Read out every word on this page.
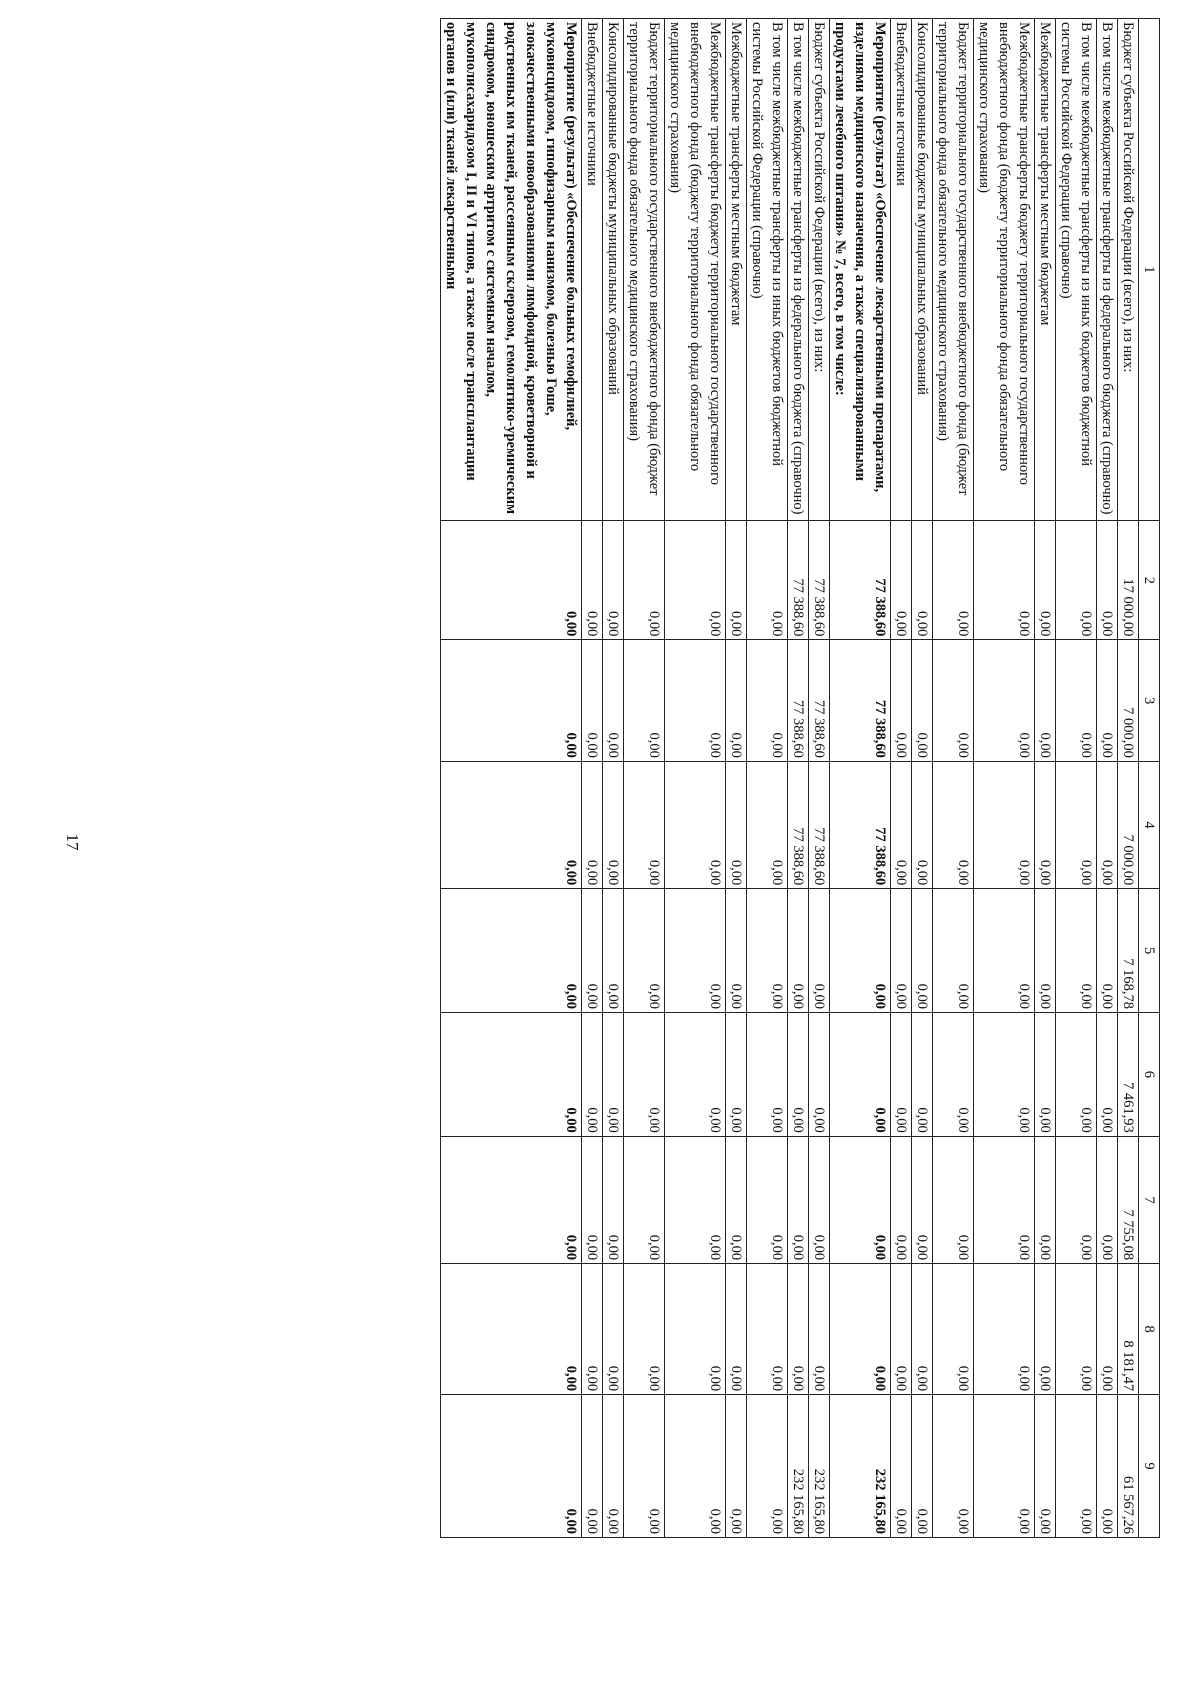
17
1	2	3	4	5	6	7	8	9
Бюджет субъекта Российской Федерации (всего), из них:	17 000,00	7 000,00	7 000,00	7 168,78	7 461,93	7 755,08	8 181,47	61 567,26
В том числе межбюджетные трансферты из федерального бюджета (справочно)	0,00	0,00	0,00	0,00	0,00	0,00	0,00	0,00
В том числе межбюджетные трансферты из иных бюджетов бюджетной системы Российской Федерации (справочно)	0,00	0,00	0,00	0,00	0,00	0,00	0,00	0,00
Межбюджетные трансферты местным бюджетам	0,00	0,00	0,00	0,00	0,00	0,00	0,00	0,00
Межбюджетные трансферты бюджету территориального государственного внебюджетного фонда (бюджету территориального фонда обязательного медицинского страхования)	0,00	0,00	0,00	0,00	0,00	0,00	0,00	0,00
Бюджет территориального государственного внебюджетного фонда (бюджет территориального фонда обязательного медицинского страхования)	0,00	0,00	0,00	0,00	0,00	0,00	0,00	0,00
Консолидированные бюджеты муниципальных образований	0,00	0,00	0,00	0,00	0,00	0,00	0,00	0,00
Внебюджетные источники	0,00	0,00	0,00	0,00	0,00	0,00	0,00	0,00
Мероприятие (результат) «Обеспечение лекарственными препаратами, изделиями медицинского назначения, а также специализированными продуктами лечебного питания» № 7, всего, в том числе:	77 388,60	77 388,60	77 388,60	0,00	0,00	0,00	0,00	232 165,80
Бюджет субъекта Российской Федерации (всего), из них:	77 388,60	77 388,60	77 388,60	0,00	0,00	0,00	0,00	232 165,80
В том числе межбюджетные трансферты из федерального бюджета (справочно)	77 388,60	77 388,60	77 388,60	0,00	0,00	0,00	0,00	232 165,80
В том числе межбюджетные трансферты из иных бюджетов бюджетной системы Российской Федерации (справочно)	0,00	0,00	0,00	0,00	0,00	0,00	0,00	0,00
Межбюджетные трансферты местным бюджетам	0,00	0,00	0,00	0,00	0,00	0,00	0,00	0,00
Межбюджетные трансферты бюджету территориального государственного внебюджетного фонда (бюджету территориального фонда обязательного медицинского страхования)	0,00	0,00	0,00	0,00	0,00	0,00	0,00	0,00
Бюджет территориального государственного внебюджетного фонда (бюджет территориального фонда обязательного медицинского страхования)	0,00	0,00	0,00	0,00	0,00	0,00	0,00	0,00
Консолидированные бюджеты муниципальных образований	0,00	0,00	0,00	0,00	0,00	0,00	0,00	0,00
Внебюджетные источники	0,00	0,00	0,00	0,00	0,00	0,00	0,00	0,00
Мероприятие (результат) «Обеспечение больных гемофилией, муковисцидозом, гипофизарным нанизмом, болезнью Гоше, злокачественными новообразованиями лимфоидной, кроветворной и родственных им тканей, рассеянным склерозом, гемолитико-уремическим синдромом, юношеским артритом с системным началом, мукополисахаридозом I, II и VI типов, а также после трансплантации органов и (или) тканей лекарственными	0,00	0,00	0,00	0,00	0,00	0,00	0,00	0,00
